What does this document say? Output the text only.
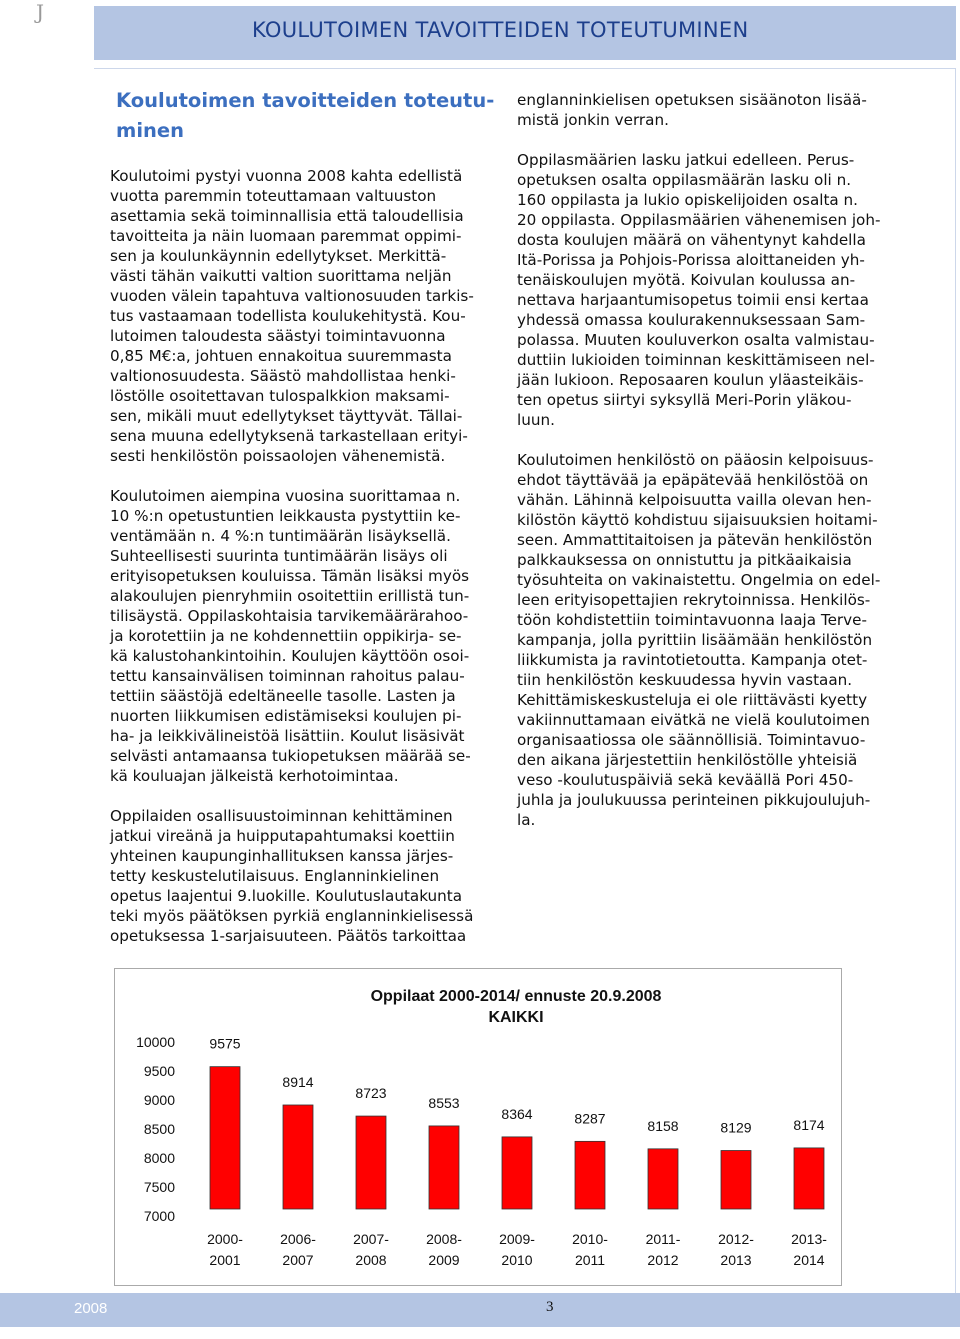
J
KOULUTOIMEN TAVOITTEIDEN TOTEUTUMINEN
Koulutoimen tavoitteiden toteutu-
minen

Koulutoimi pystyi vuonna 2008 kahta edellistä
vuotta paremmin toteuttamaan valtuuston
asettamia sekä toiminnallisia että taloudellisia
tavoitteita ja näin luomaan paremmat oppimi-
sen ja koulunkäynnin edellytykset. Merkittä-
västi tähän vaikutti valtion suorittama neljän
vuoden välein tapahtuva valtionosuuden tarkis-
tus vastaamaan todellista koulukehitystä. Kou-
lutoimen taloudesta säästyi toimintavuonna
0,85 M€:a, johtuen ennakoitua suuremmasta
valtionosuudesta. Säästö mahdollistaa henki-
löstölle osoitettavan tulospalkkion maksami-
sen, mikäli muut edellytykset täyttyvät. Tällai-
sena muuna edellytyksenä tarkastellaan erityi-
sesti henkilöstön poissaolojen vähenemistä.

Koulutoimen aiempina vuosina suorittamaa n.
10 %:n opetustuntien leikkausta pystyttiin ke-
ventämään n. 4 %:n tuntimäärän lisäyksellä.
Suhteellisesti suurinta tuntimäärän lisäys oli
erityisopetuksen kouluissa. Tämän lisäksi myös
alakoulujen pienryhmiin osoitettiin erillistä tun-
tilisäystä. Oppilaskohtaisia tarvikemäärärahoo-
ja korotettiin ja ne kohdennettiin oppikirja- se-
kä kalustohankintoihin. Koulujen käyttöön osoi-
tettu kansainvälisen toiminnan rahoitus palau-
tettiin säästöjä edeltäneelle tasolle. Lasten ja
nuorten liikkumisen edistämiseksi koulujen pi-
ha- ja leikkivälineistöä lisättiin. Koulut lisäsivät
selvästi antamaansa tukiopetuksen määrää se-
kä kouluajan jälkeistä kerhotoimintaa.

Oppilaiden osallisuustoiminnan kehittäminen
jatkui vireänä ja huipputapahtumaksi koettiin
yhteinen kaupunginhallituksen kanssa järjes-
tetty keskustelutilaisuus. Englanninkielinen
opetus laajentui 9.luokille. Koulutuslautakunta
teki myös päätöksen pyrkiä englanninkielisessä
opetuksessa 1-sarjaisuuteen. Päätös tarkoittaa

englanninkielisen opetuksen sisäänoton lisää-
mistä jonkin verran.

Oppilasmäärien lasku jatkui edelleen. Perus-
opetuksen osalta oppilasmäärän lasku oli n.
160 oppilasta ja lukio opiskelijoiden osalta n.
20 oppilasta. Oppilasmäärien vähenemisen joh-
dosta koulujen määrä on vähentynyt kahdella
Itä-Porissa ja Pohjois-Porissa aloittaneiden yh-
tenäiskoulujen myötä. Koivulan koulussa an-
nettava harjaantumisopetus toimii ensi kertaa
yhdessä omassa koulurakennuksessaan Sam-
polassa. Muuten kouluverkon osalta valmistau-
duttiin lukioiden toiminnan keskittämiseen nel-
jään lukioon. Reposaaren koulun yläasteikäis-
ten opetus siirtyi syksyllä Meri-Porin yläkou-
luun.

Koulutoimen henkilöstö on pääosin kelpoisuus-
ehdot täyttävää ja epäpätevää henkilöstöä on
vähän. Lähinnä kelpoisuutta vailla olevan hen-
kilöstön käyttö kohdistuu sijaisuuksien hoitami-
seen. Ammattitaitoisen ja pätevän henkilöstön
palkkauksessa on onnistuttu ja pitkäaikaisia
työsuhteita on vakinaistettu. Ongelmia on edel-
leen erityisopettajien rekrytoinnissa. Henkilös-
töön kohdistettiin toimintavuonna laaja Terve-
kampanja, jolla pyrittiin lisäämään henkilöstön
liikkumista ja ravintotietoutta. Kampanja otet-
tiin henkilöstön keskuudessa hyvin vastaan.
Kehittämiskeskusteluja ei ole riittävästi kyetty
vakiinnuttamaan eivätkä ne vielä koulutoimen
organisaatiossa ole säännöllisiä. Toimintavuo-
den aikana järjestettiin henkilöstölle yhteisiä
veso -koulutuspäiviä sekä keväällä Pori 450-
juhla ja joulukuussa perinteinen pikkujoulujuh-
la.

Oppilaat 2000-2014/ ennuste 20.9.2008
KAIKKI
10000
9500
9000
8500
8000
7500
7000
9575
2000-
2001
8914
2006-
2007
8723
2007-
2008
8553
2008-
2009
8364
2009-
2010
8287
2010-
2011
8158
2011-
2012
8129
2012-
2013
8174
2013-
2014
2008	3
